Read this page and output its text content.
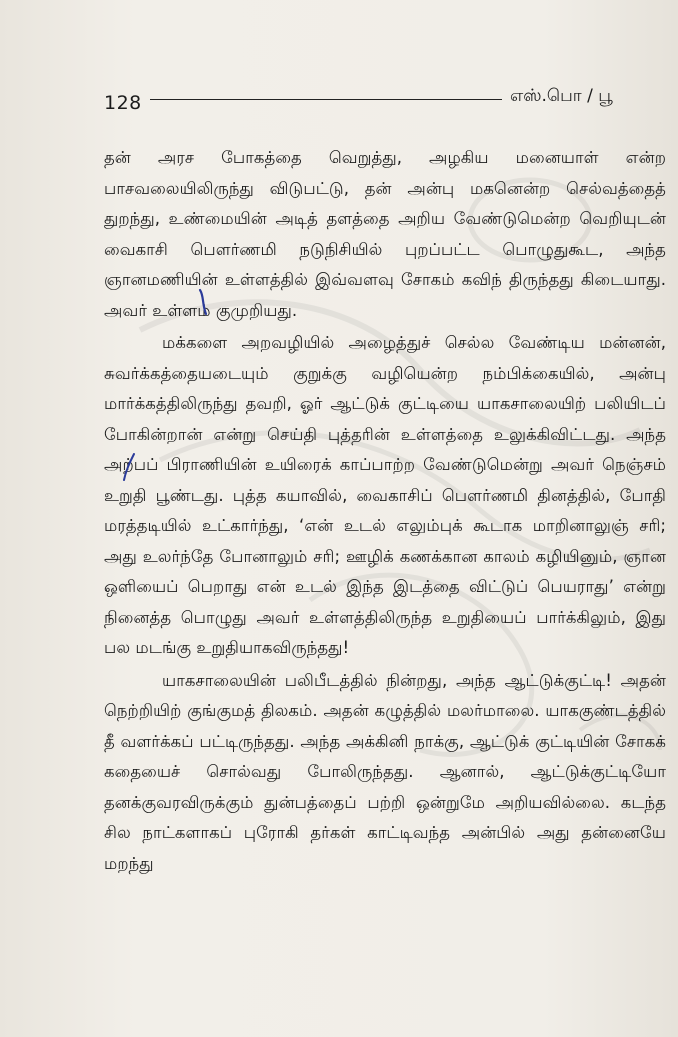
128	எஸ்.பொ / பூ

தன் அரச போகத்தை வெறுத்து, அழகிய மனையாள் என்ற பாசவலையிலிருந்து விடுபட்டு, தன் அன்பு மகனென்ற செல்வத்தைத் துறந்து, உண்மையின் அடித் தளத்தை அறிய வேண்டுமென்ற வெறியுடன் வைகாசி பௌர்ணமி நடுநிசியில் புறப்பட்ட பொழுதுகூட, அந்த ஞானமணியின் உள்ளத்தில் இவ்வளவு சோகம் கவிந் திருந்தது கிடையாது. அவர் உள்ளம் குமுறியது.

மக்களை அறவழியில் அழைத்துச் செல்ல வேண்டிய மன்னன், சுவர்க்கத்தையடையும் குறுக்கு வழியென்ற நம்பிக்கையில், அன்பு மார்க்கத்திலிருந்து தவறி, ஓர் ஆட்டுக் குட்டியை யாகசாலையிற் பலியிடப் போகின்றான் என்று செய்தி புத்தரின் உள்ளத்தை உலுக்கிவிட்டது. அந்த அற்பப் பிராணியின் உயிரைக் காப்பாற்ற வேண்டுமென்று அவர் நெஞ்சம் உறுதி பூண்டது. புத்த கயாவில், வைகாசிப் பௌர்ணமி தினத்தில், போதி மரத்தடியில் உட்கார்ந்து, ‘என் உடல் எலும்புக் கூடாக மாறினாலுஞ் சரி; அது உலர்ந்தே போனாலும் சரி; ஊழிக் கணக்கான காலம் கழியினும், ஞான ஒளியைப் பெறாது என் உடல் இந்த இடத்தை விட்டுப் பெயராது’ என்று நினைத்த பொழுது அவர் உள்ளத்திலிருந்த உறுதியைப் பார்க்கிலும், இது பல மடங்கு உறுதியாகவிருந்தது!

யாகசாலையின் பலிபீடத்தில் நின்றது, அந்த ஆட்டுக்குட்டி! அதன் நெற்றியிற் குங்குமத் திலகம். அதன் கழுத்தில் மலர்மாலை. யாககுண்டத்தில் தீ வளர்க்கப் பட்டிருந்தது. அந்த அக்கினி நாக்கு, ஆட்டுக் குட்டியின் சோகக் கதையைச் சொல்வது போலிருந்தது. ஆனால், ஆட்டுக்குட்டியோ தனக்குவரவிருக்கும் துன்பத்தைப் பற்றி ஒன்றுமே அறியவில்லை. கடந்த சில நாட்களாகப் புரோகி தர்கள் காட்டிவந்த அன்பில் அது தன்னையே மறந்து
